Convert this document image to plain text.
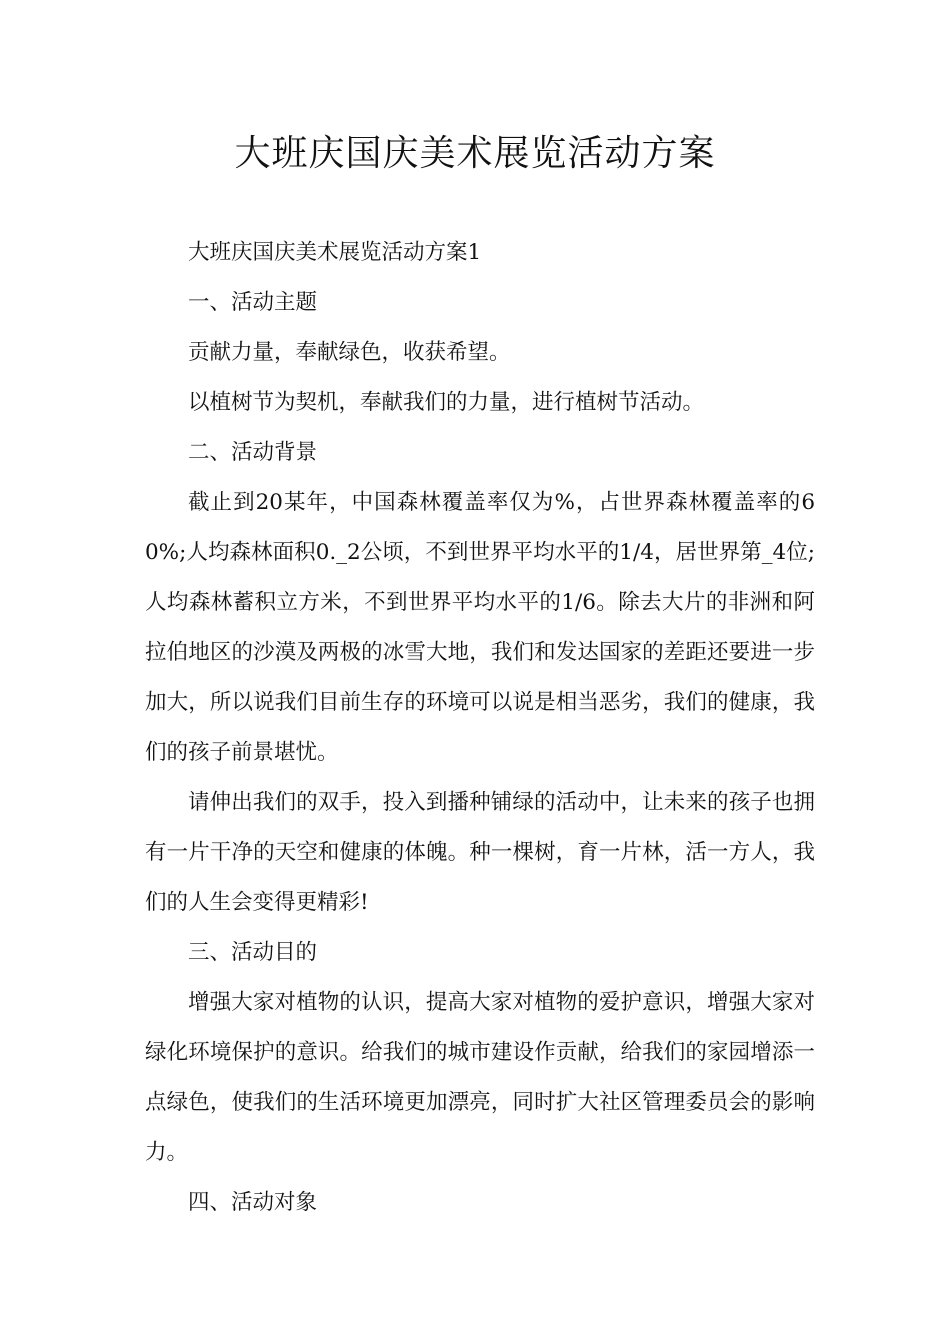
大班庆国庆美术展览活动方案

大班庆国庆美术展览活动方案1

一、活动主题

贡献力量，奉献绿色，收获希望。

以植树节为契机，奉献我们的力量，进行植树节活动。

二、活动背景

截止到20某年，中国森林覆盖率仅为%，占世界森林覆盖率的60%;人均森林面积0._2公顷，不到世界平均水平的1/4，居世界第_4位;人均森林蓄积立方米，不到世界平均水平的1/6。除去大片的非洲和阿拉伯地区的沙漠及两极的冰雪大地，我们和发达国家的差距还要进一步加大，所以说我们目前生存的环境可以说是相当恶劣，我们的健康，我们的孩子前景堪忧。

请伸出我们的双手，投入到播种铺绿的活动中，让未来的孩子也拥有一片干净的天空和健康的体魄。种一棵树，育一片林，活一方人，我们的人生会变得更精彩!

三、活动目的

增强大家对植物的认识，提高大家对植物的爱护意识，增强大家对绿化环境保护的意识。给我们的城市建设作贡献，给我们的家园增添一点绿色，使我们的生活环境更加漂亮，同时扩大社区管理委员会的影响力。

四、活动对象
